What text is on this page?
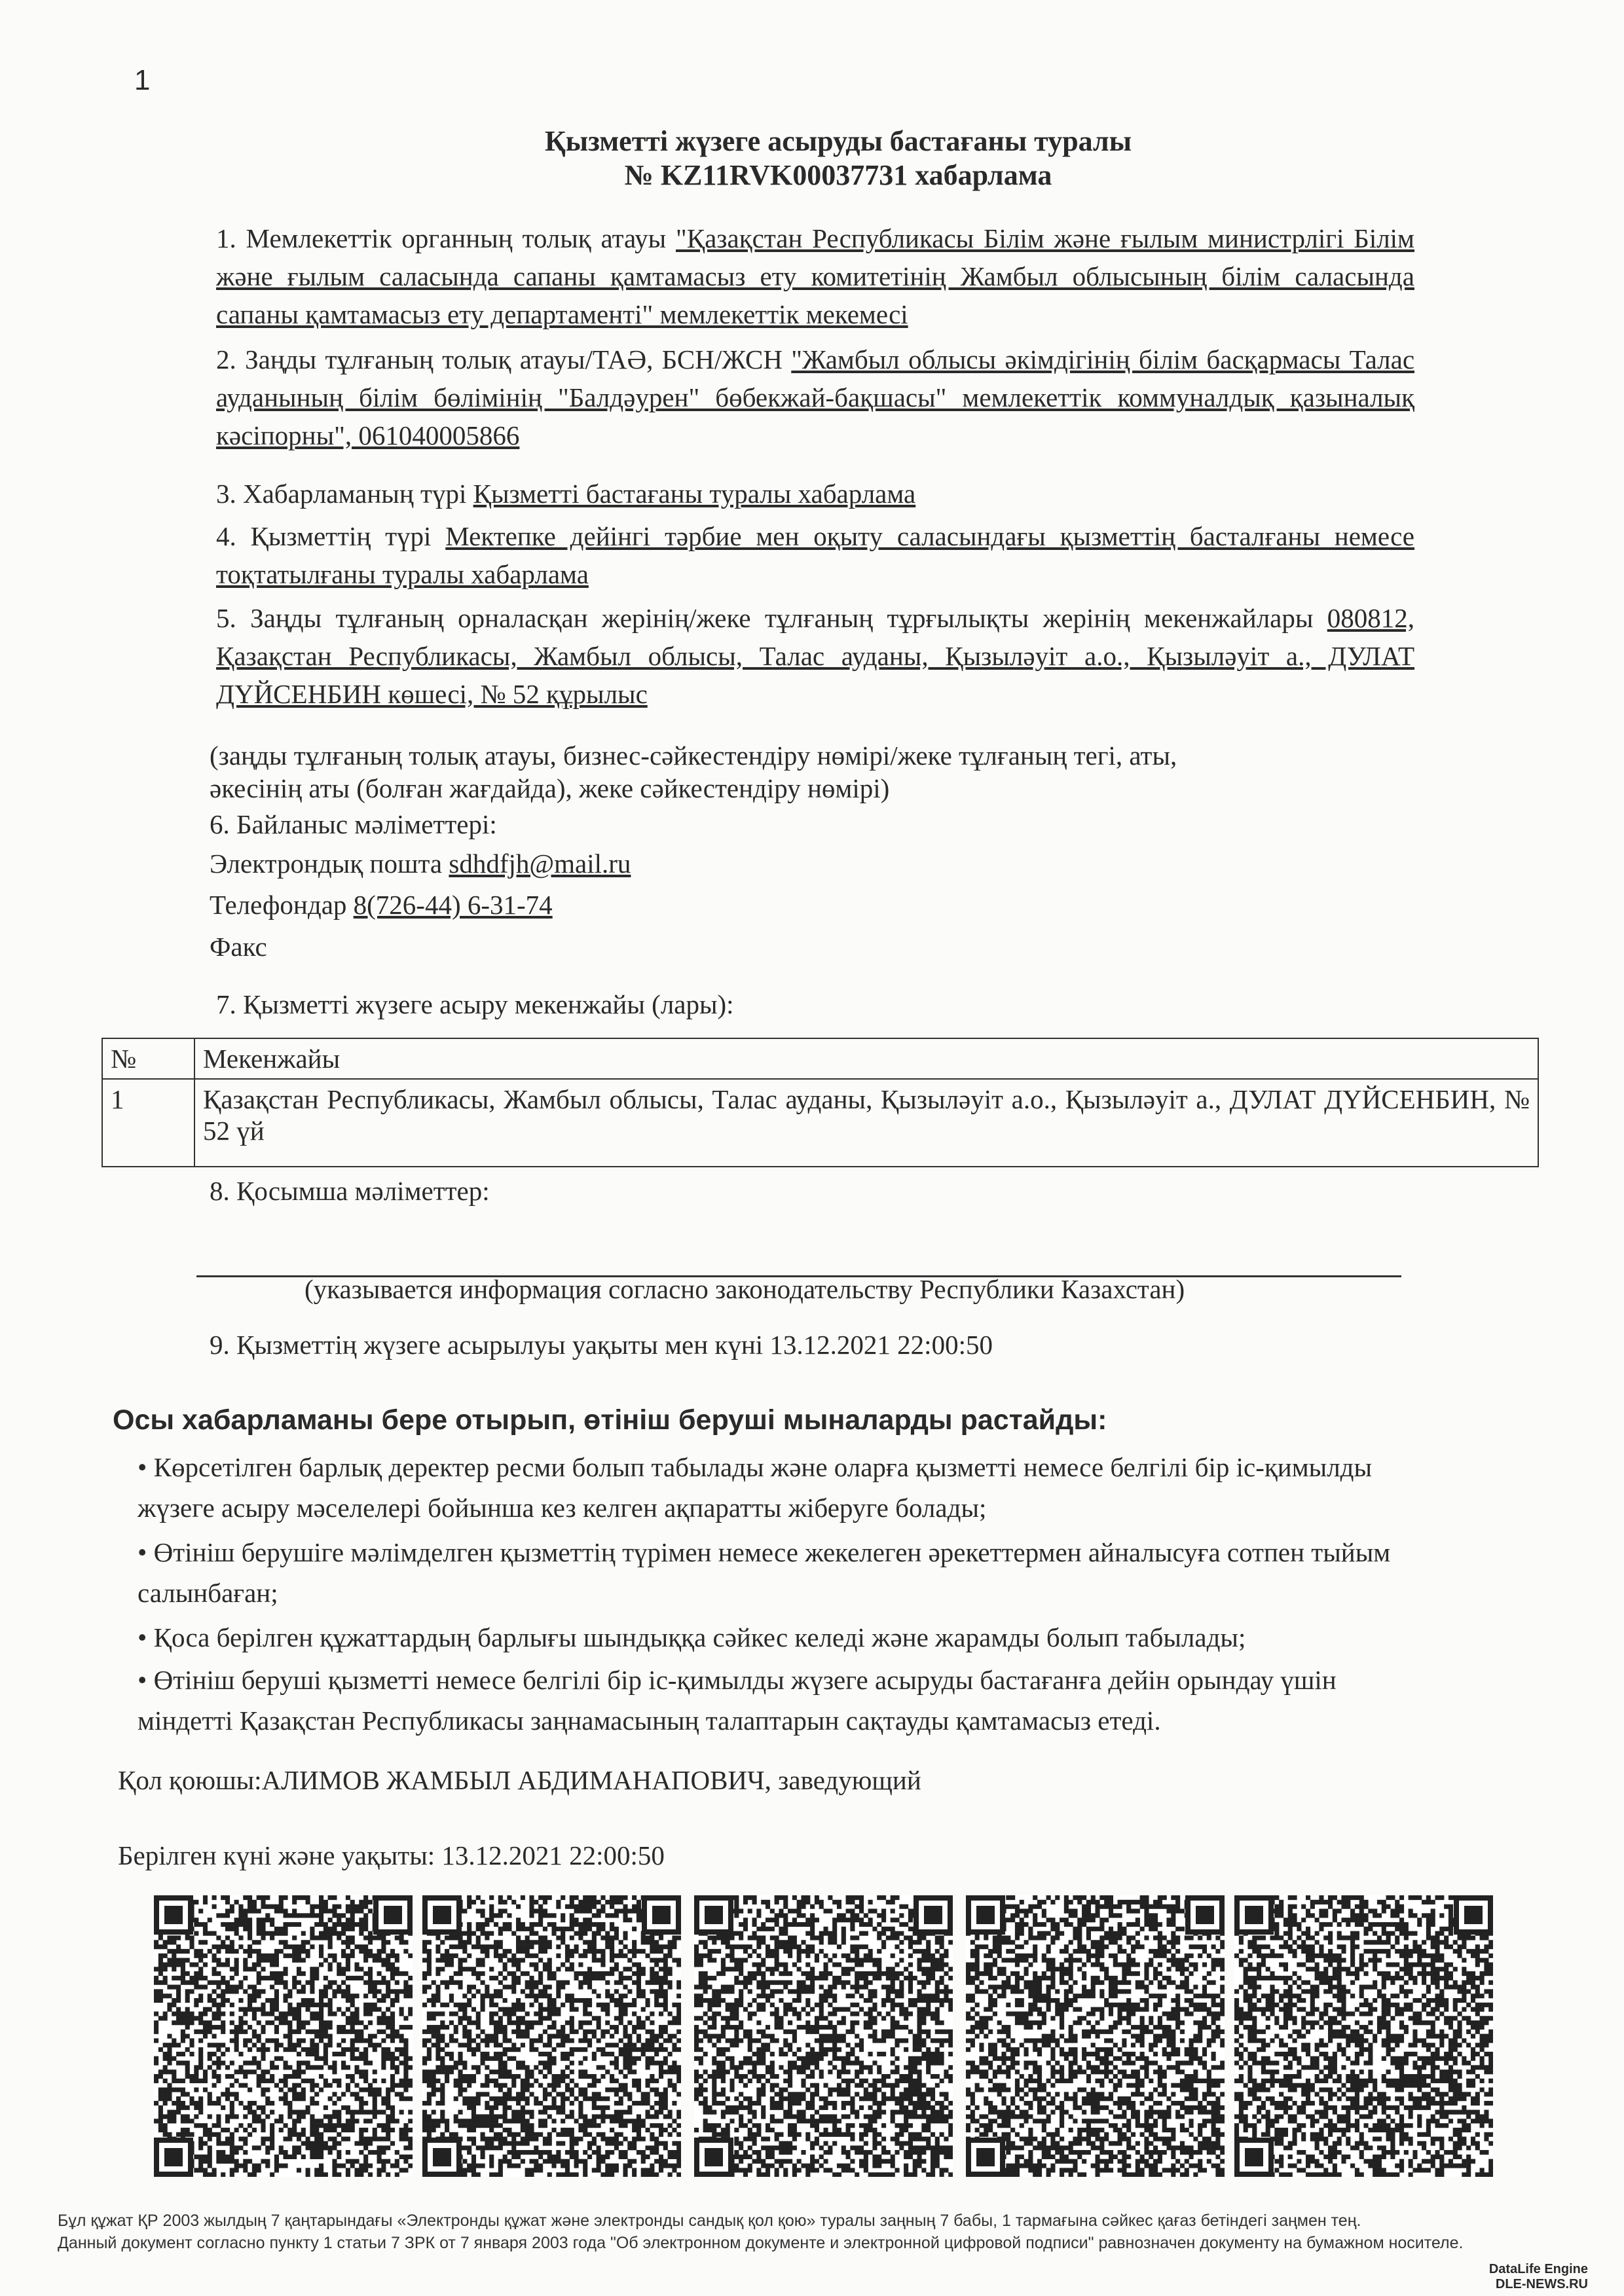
1
Қызметті жүзеге асыруды бастағаны туралы
№ KZ11RVK00037731 хабарлама
1. Мемлекеттік органның толық атауы "Қазақстан Республикасы Білім және ғылым министрлігі Білім және ғылым саласында сапаны қамтамасыз ету комитетінің Жамбыл облысының білім саласында сапаны қамтамасыз ету департаменті" мемлекеттік мекемесі
2. Заңды тұлғаның толық атауы/ТАӘ, БСН/ЖСН "Жамбыл облысы әкімдігінің білім басқармасы Талас ауданының білім бөлімінің "Балдәурен" бөбекжай-бақшасы" мемлекеттік коммуналдық қазыналық кәсіпорны", 061040005866
3. Хабарламаның түрі Қызметті бастағаны туралы хабарлама
4. Қызметтің түрі Мектепке дейінгі тәрбие мен оқыту саласындағы қызметтің басталғаны немесе тоқтатылғаны туралы хабарлама
5. Заңды тұлғаның орналасқан жерінің/жеке тұлғаның тұрғылықты жерінің мекенжайлары 080812, Қазақстан Республикасы, Жамбыл облысы, Талас ауданы, Қызыләуіт а.о., Қызыләуіт а., ДУЛАТ ДҮЙСЕНБИН көшесі, № 52 құрылыс
(заңды тұлғаның толық атауы, бизнес-сәйкестендіру нөмірі/жеке тұлғаның тегі, аты,
әкесінің аты (болған жағдайда), жеке сәйкестендіру нөмірі)
6. Байланыс мәліметтері:
Электрондық пошта sdhdfjh@mail.ru
Телефондар 8(726-44) 6-31-74
Факс
7. Қызметті жүзеге асыру мекенжайы (лары):
№	Мекенжайы
1	Қазақстан Республикасы, Жамбыл облысы, Талас ауданы, Қызыләуіт а.о., Қызыләуіт а., ДУЛАТ ДҮЙСЕНБИН, № 52 үй
8. Қосымша мәліметтер:
(указывается информация согласно законодательству Республики Казахстан)
9. Қызметтің жүзеге асырылуы уақыты мен күні 13.12.2021 22:00:50
Осы хабарламаны бере отырып, өтініш беруші мыналарды растайды:
• Көрсетілген барлық деректер ресми болып табылады және оларға қызметті немесе белгілі бір іс-қимылды жүзеге асыру мәселелері бойынша кез келген ақпаратты жіберуге болады;
• Өтініш берушіге мәлімделген қызметтің түрімен немесе жекелеген әрекеттермен айналысуға сотпен тыйым салынбаған;
• Қоса берілген құжаттардың барлығы шындыққа сәйкес келеді және жарамды болып табылады;
• Өтініш беруші қызметті немесе белгілі бір іс-қимылды жүзеге асыруды бастағанға дейін орындау үшін міндетті Қазақстан Республикасы заңнамасының талаптарын сақтауды қамтамасыз етеді.
Қол қоюшы:АЛИМОВ ЖАМБЫЛ АБДИМАНАПОВИЧ, заведующий
Берілген күні және уақыты: 13.12.2021 22:00:50
Бұл құжат ҚР 2003 жылдың 7 қаңтарындағы «Электронды құжат және электронды сандық қол қою» туралы заңның 7 бабы, 1 тармағына сәйкес қағаз бетіндегі заңмен тең.
Данный документ согласно пункту 1 статьи 7 ЗРК от 7 января 2003 года "Об электронном документе и электронной цифровой подписи" равнозначен документу на бумажном носителе.
DataLife Engine
DLE-NEWS.RU
